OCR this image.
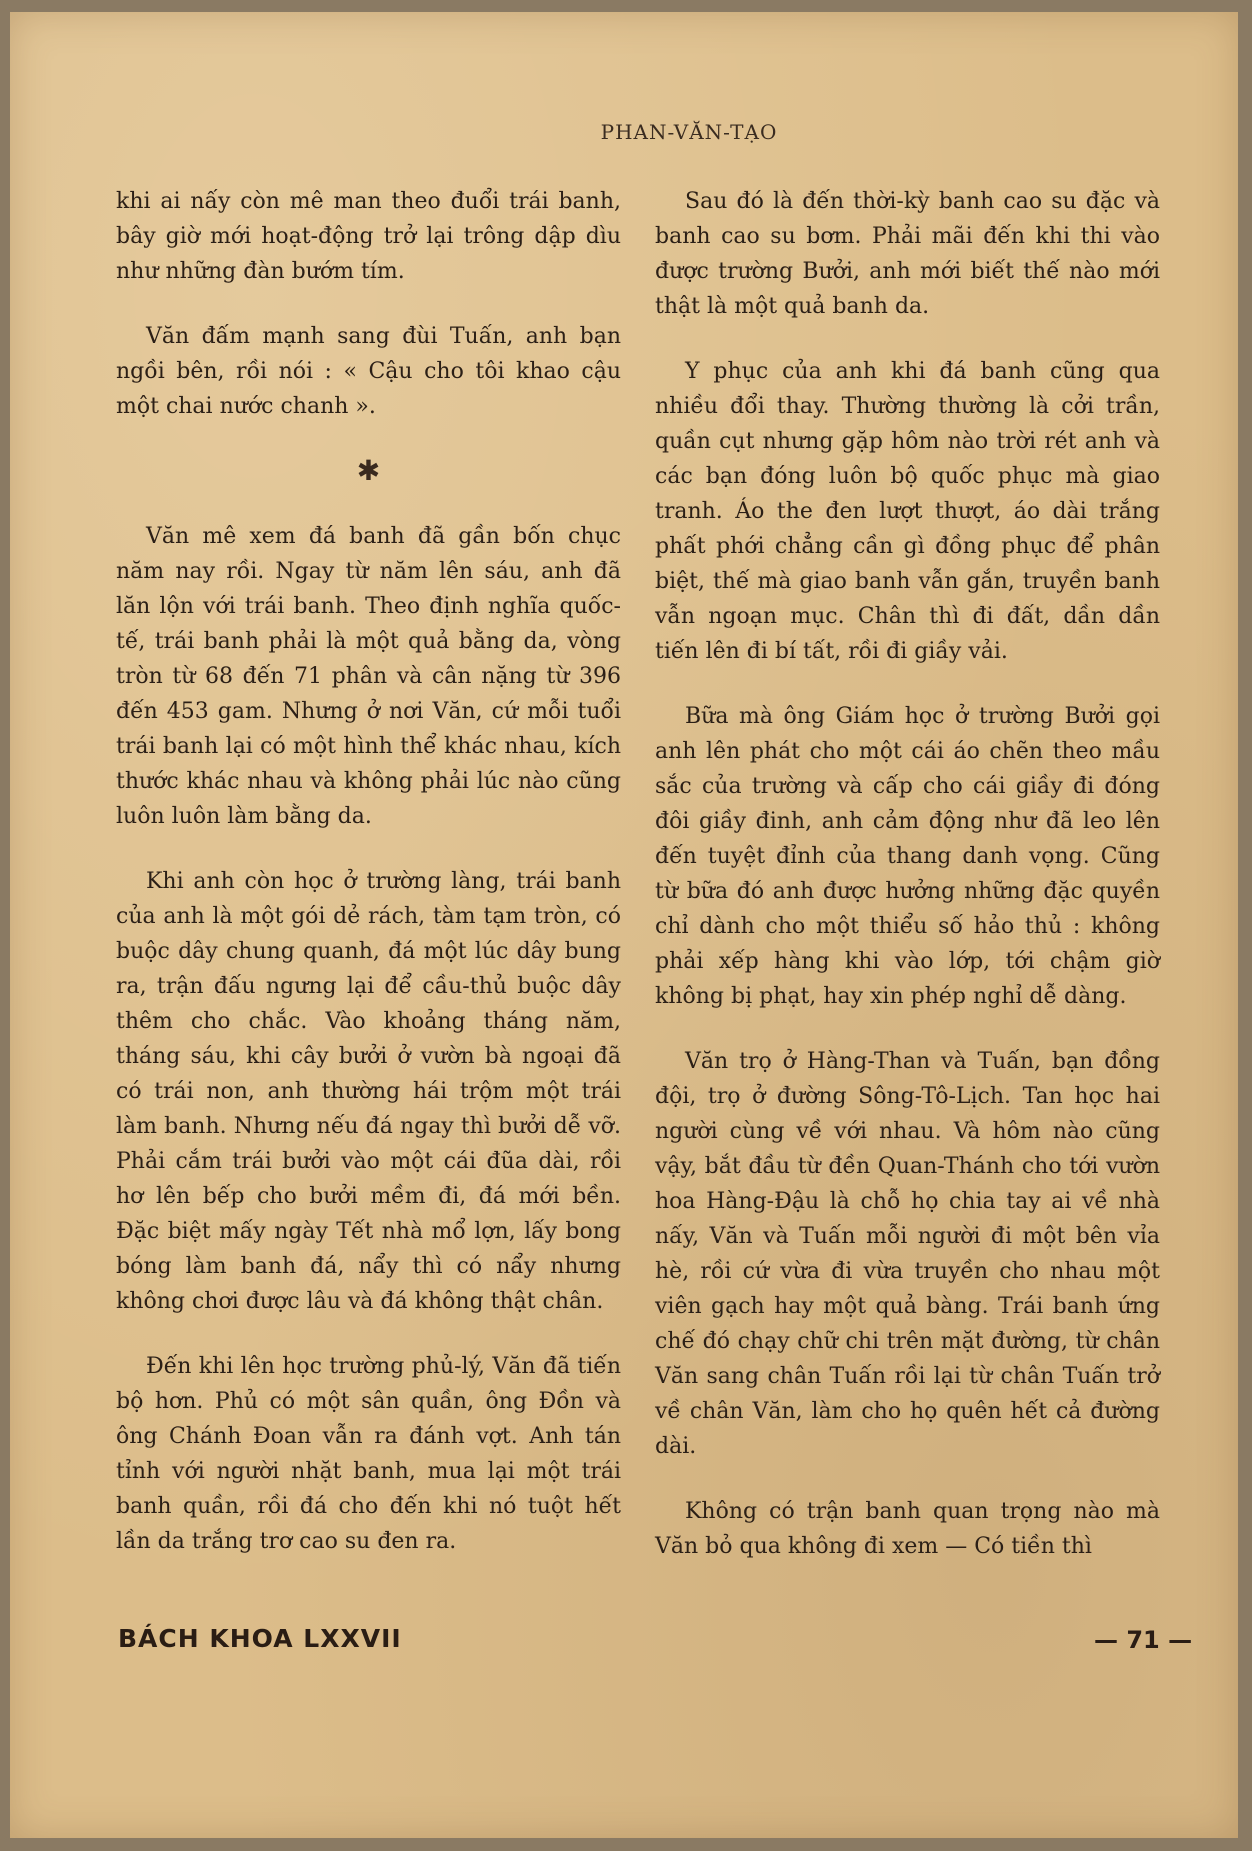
PHAN-VĂN-TẠO

khi ai nấy còn mê man theo đuổi trái banh, bây giờ mới hoạt-động trở lại trông dập dìu như những đàn bướm tím.

Văn đấm mạnh sang đùi Tuấn, anh bạn ngồi bên, rồi nói : « Cậu cho tôi khao cậu một chai nước chanh ».

✱

Văn mê xem đá banh đã gần bốn chục năm nay rồi. Ngay từ năm lên sáu, anh đã lăn lộn với trái banh. Theo định nghĩa quốc-tế, trái banh phải là một quả bằng da, vòng tròn từ 68 đến 71 phân và cân nặng từ 396 đến 453 gam. Nhưng ở nơi Văn, cứ mỗi tuổi trái banh lại có một hình thể khác nhau, kích thước khác nhau và không phải lúc nào cũng luôn luôn làm bằng da.

Khi anh còn học ở trường làng, trái banh của anh là một gói dẻ rách, tàm tạm tròn, có buộc dây chung quanh, đá một lúc dây bung ra, trận đấu ngưng lại để cầu-thủ buộc dây thêm cho chắc. Vào khoảng tháng năm, tháng sáu, khi cây bưởi ở vườn bà ngoại đã có trái non, anh thường hái trộm một trái làm banh. Nhưng nếu đá ngay thì bưởi dễ vỡ. Phải cắm trái bưởi vào một cái đũa dài, rồi hơ lên bếp cho bưởi mềm đi, đá mới bền. Đặc biệt mấy ngày Tết nhà mổ lợn, lấy bong bóng làm banh đá, nẩy thì có nẩy nhưng không chơi được lâu và đá không thật chân.

Đến khi lên học trường phủ-lý, Văn đã tiến bộ hơn. Phủ có một sân quần, ông Đồn và ông Chánh Đoan vẫn ra đánh vợt. Anh tán tỉnh với người nhặt banh, mua lại một trái banh quần, rồi đá cho đến khi nó tuột hết lần da trắng trơ cao su đen ra.

Sau đó là đến thời-kỳ banh cao su đặc và banh cao su bơm. Phải mãi đến khi thi vào được trường Bưởi, anh mới biết thế nào mới thật là một quả banh da.

Y phục của anh khi đá banh cũng qua nhiều đổi thay. Thường thường là cởi trần, quần cụt nhưng gặp hôm nào trời rét anh và các bạn đóng luôn bộ quốc phục mà giao tranh. Áo the đen lượt thượt, áo dài trắng phất phới chẳng cần gì đồng phục để phân biệt, thế mà giao banh vẫn gắn, truyền banh vẫn ngoạn mục. Chân thì đi đất, dần dần tiến lên đi bí tất, rồi đi giầy vải.

Bữa mà ông Giám học ở trường Bưởi gọi anh lên phát cho một cái áo chẽn theo mầu sắc của trường và cấp cho cái giầy đi đóng đôi giầy đinh, anh cảm động như đã leo lên đến tuyệt đỉnh của thang danh vọng. Cũng từ bữa đó anh được hưởng những đặc quyền chỉ dành cho một thiểu số hảo thủ : không phải xếp hàng khi vào lớp, tới chậm giờ không bị phạt, hay xin phép nghỉ dễ dàng.

Văn trọ ở Hàng-Than và Tuấn, bạn đồng đội, trọ ở đường Sông-Tô-Lịch. Tan học hai người cùng về với nhau. Và hôm nào cũng vậy, bắt đầu từ đền Quan-Thánh cho tới vườn hoa Hàng-Đậu là chỗ họ chia tay ai về nhà nấy, Văn và Tuấn mỗi người đi một bên vỉa hè, rồi cứ vừa đi vừa truyền cho nhau một viên gạch hay một quả bàng. Trái banh ứng chế đó chạy chữ chi trên mặt đường, từ chân Văn sang chân Tuấn rồi lại từ chân Tuấn trở về chân Văn, làm cho họ quên hết cả đường dài.

Không có trận banh quan trọng nào mà Văn bỏ qua không đi xem — Có tiền thì

BÁCH KHOA LXXVII	— 71 —
